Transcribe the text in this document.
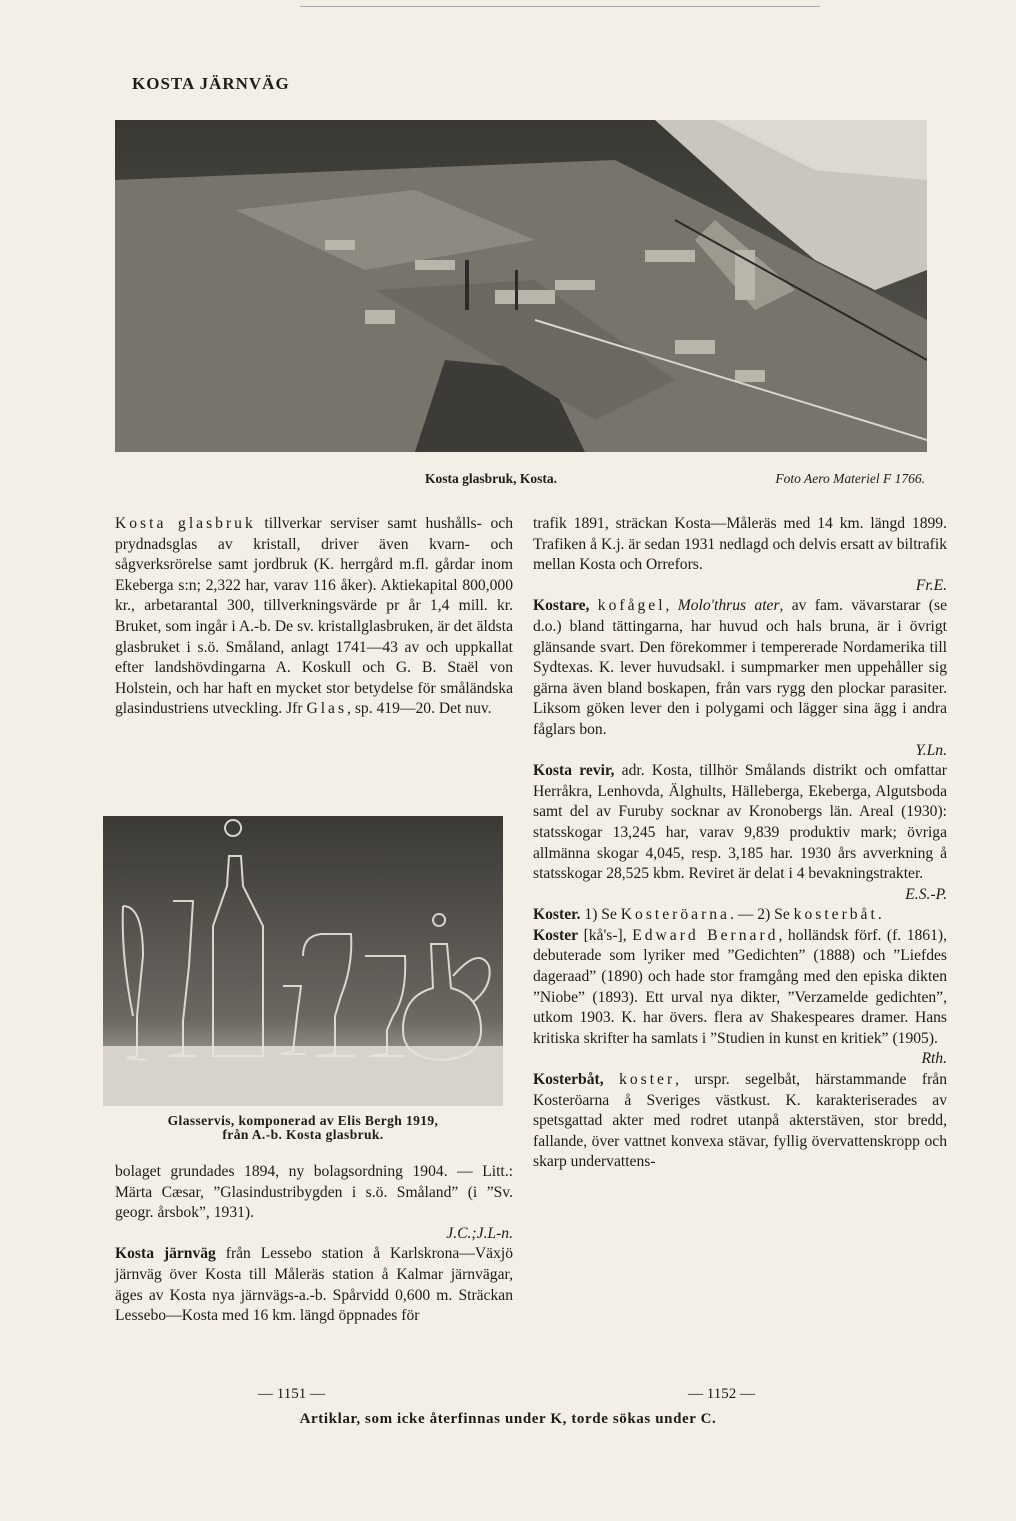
KOSTA JÄRNVÄG
Kosta glasbruk, Kosta.	Foto Aero Materiel F 1766.

Kosta glasbruk tillverkar serviser samt hushålls- och prydnadsglas av kristall, driver även kvarn- och sågverksrörelse samt jordbruk (K. herrgård m.fl. gårdar inom Ekeberga s:n; 2,322 har, varav 116 åker). Aktiekapital 800,000 kr., arbetarantal 300, tillverkningsvärde pr år 1,4 mill. kr. Bruket, som ingår i A.-b. De sv. kristallglasbruken, är det äldsta glasbruket i s.ö. Småland, anlagt 1741—43 av och uppkallat efter landshövdingarna A. Koskull och G. B. Staël von Holstein, och har haft en mycket stor betydelse för småländska glasindustriens utveckling. Jfr Glas, sp. 419—20. Det nuv.

Glasservis, komponerad av Elis Bergh 1919,
från A.-b. Kosta glasbruk.

bolaget grundades 1894, ny bolagsordning 1904. — Litt.: Märta Cæsar, ”Glasindustribygden i s.ö. Småland” (i ”Sv. geogr. årsbok”, 1931).

J.C.;J.L-n.

Kosta järnväg från Lessebo station å Karlskrona—Växjö järnväg över Kosta till Måleräs station å Kalmar järnvägar, äges av Kosta nya järnvägs-a.-b. Spårvidd 0,600 m. Sträckan Lessebo—Kosta med 16 km. längd öppnades för

trafik 1891, sträckan Kosta—Måleräs med 14 km. längd 1899. Trafiken å K.j. är sedan 1931 nedlagd och delvis ersatt av biltrafik mellan Kosta och Orrefors.

Fr.E.

Kostare, kofågel, Molo'thrus ater, av fam. vävarstarar (se d.o.) bland tättingarna, har huvud och hals bruna, är i övrigt glänsande svart. Den förekommer i tempererade Nordamerika till Sydtexas. K. lever huvudsakl. i sumpmarker men uppehåller sig gärna även bland boskapen, från vars rygg den plockar parasiter. Liksom göken lever den i polygami och lägger sina ägg i andra fåglars bon.

Y.Ln.

Kosta revir, adr. Kosta, tillhör Smålands distrikt och omfattar Herråkra, Lenhovda, Älghults, Hälleberga, Ekeberga, Algutsboda samt del av Furuby socknar av Kronobergs län. Areal (1930): statsskogar 13,245 har, varav 9,839 produktiv mark; övriga allmänna skogar 4,045, resp. 3,185 har. 1930 års avverkning å statsskogar 28,525 kbm. Reviret är delat i 4 bevakningstrakter.

E.S.-P.

Koster. 1) Se Kosteröarna. — 2) Se kosterbåt.

Koster [kå's-], Edward Bernard, holländsk förf. (f. 1861), debuterade som lyriker med ”Gedichten” (1888) och ”Liefdes dageraad” (1890) och hade stor framgång med den episka dikten ”Niobe” (1893). Ett urval nya dikter, ”Verzamelde gedichten”, utkom 1903. K. har övers. flera av Shakespeares dramer. Hans kritiska skrifter ha samlats i ”Studien in kunst en kritiek” (1905).

Rth.

Kosterbåt, koster, urspr. segelbåt, härstammande från Kosteröarna å Sveriges västkust. K. karakteriserades av spetsgattad akter med rodret utanpå akterstäven, stor bredd, fallande, över vattnet konvexa stävar, fyllig övervattenskropp och skarp undervattens-

— 1151 —	— 1152 —
Artiklar, som icke återfinnas under K, torde sökas under C.
